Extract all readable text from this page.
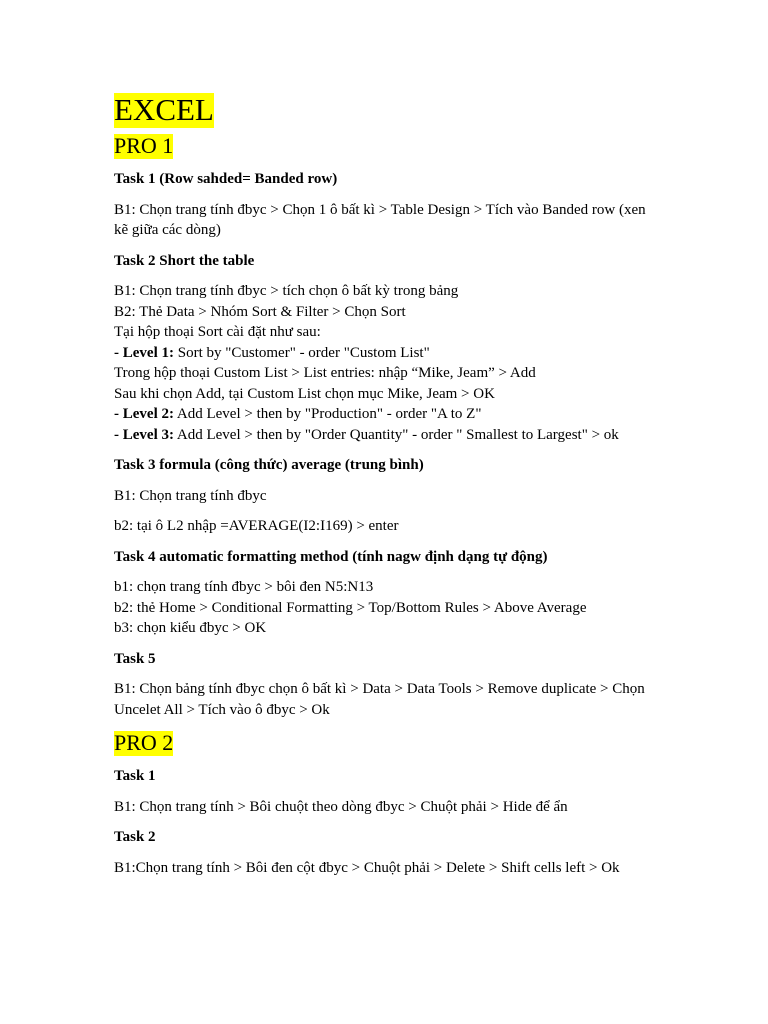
EXCEL
PRO 1
Task 1 (Row sahded= Banded row)
B1: Chọn trang tính đbyc > Chọn 1 ô bất kì > Table Design > Tích vào Banded row (xen kẽ giữa các dòng)
Task 2 Short the table
B1: Chọn trang tính đbyc > tích chọn ô bất kỳ trong bảng
B2: Thẻ Data > Nhóm Sort & Filter > Chọn Sort
Tại hộp thoại Sort cài đặt như sau:
- Level 1: Sort by "Customer" - order "Custom List"
Trong hộp thoại Custom List > List entries: nhập “Mike, Jeam” > Add
Sau khi chọn Add, tại Custom List chọn mục Mike, Jeam > OK
- Level 2: Add Level > then by "Production" - order "A to Z"
- Level 3: Add Level > then by "Order Quantity" - order " Smallest to Largest" > ok
Task 3 formula (công thức) average (trung bình)
B1: Chọn trang tính đbyc
b2: tại ô L2 nhập =AVERAGE(I2:I169) > enter
Task 4 automatic formatting method (tính nagw định dạng tự động)
b1: chọn trang tính đbyc > bôi đen N5:N13
b2: thẻ Home > Conditional Formatting > Top/Bottom Rules > Above Average
b3: chọn kiểu đbyc > OK
Task 5
B1: Chọn bảng tính đbyc chọn ô bất kì > Data > Data Tools > Remove duplicate > Chọn Uncelet All > Tích vào ô đbyc > Ok
PRO 2
Task 1
B1: Chọn trang tính > Bôi chuột theo dòng đbyc > Chuột phải > Hide để ẩn
Task 2
B1:Chọn trang tính > Bôi đen cột đbyc > Chuột phải > Delete > Shift cells left > Ok
